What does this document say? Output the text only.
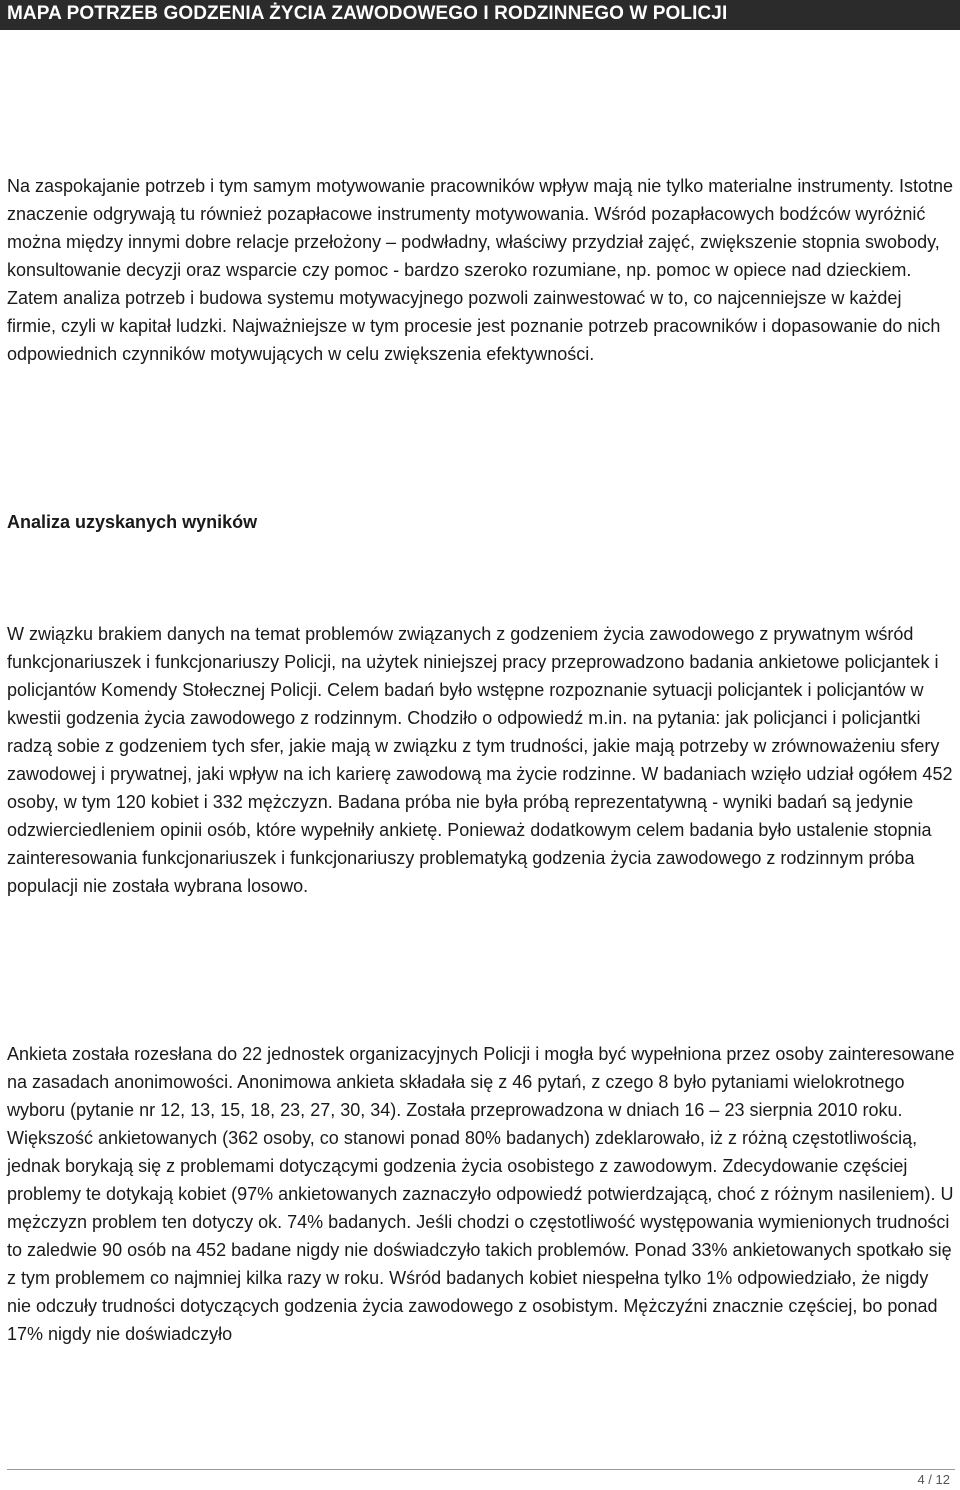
MAPA POTRZEB GODZENIA ŻYCIA ZAWODOWEGO I RODZINNEGO W POLICJI

Na zaspokajanie potrzeb i tym samym motywowanie pracowników wpływ mają nie tylko materialne instrumenty. Istotne znaczenie odgrywają tu również pozapłacowe instrumenty motywowania. Wśród pozapłacowych bodźców wyróżnić można między innymi dobre relacje przełożony – podwładny, właściwy przydział zajęć, zwiększenie stopnia swobody, konsultowanie decyzji oraz wsparcie czy pomoc - bardzo szeroko rozumiane, np. pomoc w opiece nad dzieckiem. Zatem analiza potrzeb i budowa systemu motywacyjnego pozwoli zainwestować w to, co najcenniejsze w każdej firmie, czyli w kapitał ludzki. Najważniejsze w tym procesie jest poznanie potrzeb pracowników i dopasowanie do nich odpowiednich czynników motywujących w celu zwiększenia efektywności.

Analiza uzyskanych wyników

W związku brakiem danych na temat problemów związanych z godzeniem życia zawodowego z prywatnym wśród funkcjonariuszek i funkcjonariuszy Policji, na użytek niniejszej pracy przeprowadzono badania ankietowe policjantek i policjantów Komendy Stołecznej Policji. Celem badań było wstępne rozpoznanie sytuacji policjantek i policjantów w kwestii godzenia życia zawodowego z rodzinnym. Chodziło o odpowiedź m.in. na pytania: jak policjanci i policjantki radzą sobie z godzeniem tych sfer, jakie mają w związku z tym trudności, jakie mają potrzeby w zrównoważeniu sfery zawodowej i prywatnej, jaki wpływ na ich karierę zawodową ma życie rodzinne. W badaniach wzięło udział ogółem 452 osoby, w tym 120 kobiet i 332 mężczyzn. Badana próba nie była próbą reprezentatywną - wyniki badań są jedynie odzwierciedleniem opinii osób, które wypełniły ankietę. Ponieważ dodatkowym celem badania było ustalenie stopnia zainteresowania funkcjonariuszek i funkcjonariuszy problematyką godzenia życia zawodowego z rodzinnym próba populacji nie została wybrana losowo.

Ankieta została rozesłana do 22 jednostek organizacyjnych Policji i mogła być wypełniona przez osoby zainteresowane na zasadach anonimowości. Anonimowa ankieta składała się z 46 pytań, z czego 8 było pytaniami wielokrotnego wyboru (pytanie nr 12, 13, 15, 18, 23, 27, 30, 34). Została przeprowadzona w dniach 16 – 23 sierpnia 2010 roku. Większość ankietowanych (362 osoby, co stanowi ponad 80% badanych) zdeklarowało, iż z różną częstotliwością, jednak borykają się z problemami dotyczącymi godzenia życia osobistego z zawodowym. Zdecydowanie częściej problemy te dotykają kobiet (97% ankietowanych zaznaczyło odpowiedź potwierdzającą, choć z różnym nasileniem). U mężczyzn problem ten dotyczy ok. 74% badanych. Jeśli chodzi o częstotliwość występowania wymienionych trudności to zaledwie 90 osób na 452 badane nigdy nie doświadczyło takich problemów. Ponad 33% ankietowanych spotkało się z tym problemem co najmniej kilka razy w roku. Wśród badanych kobiet niespełna tylko 1% odpowiedziało, że nigdy nie odczuły trudności dotyczących godzenia życia zawodowego z osobistym. Mężczyźni znacznie częściej, bo ponad 17% nigdy nie doświadczyło

4 / 12
